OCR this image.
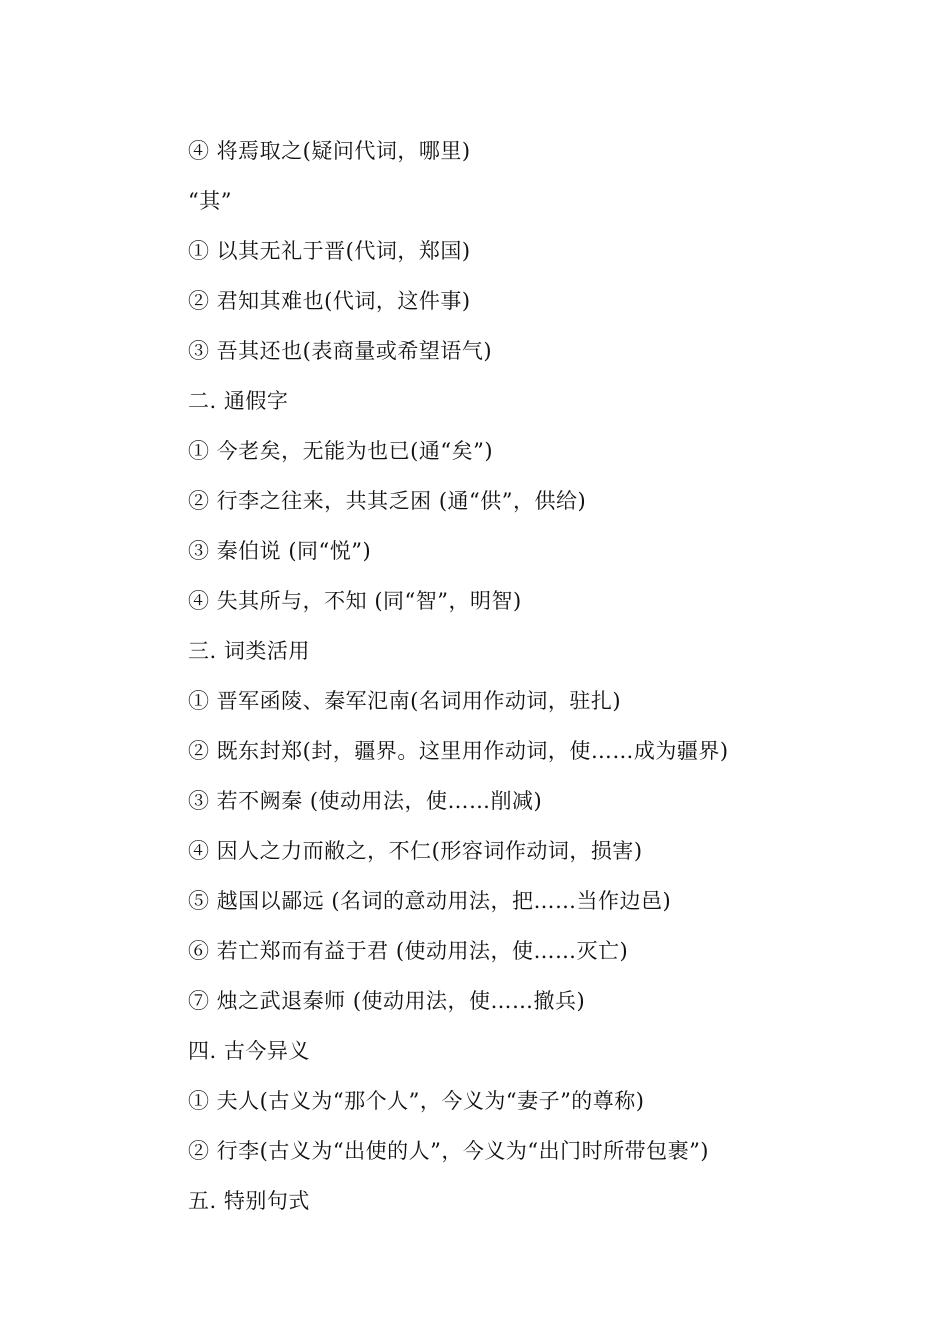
④ 将焉取之(疑问代词，哪里)
“其”
① 以其无礼于晋(代词，郑国)
② 君知其难也(代词，这件事)
③ 吾其还也(表商量或希望语气)
二. 通假字
① 今老矣，无能为也已(通“矣”)
② 行李之往来，共其乏困 (通“供”，供给)
③ 秦伯说 (同“悦”)
④ 失其所与，不知 (同“智”，明智)
三. 词类活用
① 晋军函陵、秦军氾南(名词用作动词，驻扎)
② 既东封郑(封，疆界。这里用作动词，使……成为疆界)
③ 若不阙秦 (使动用法，使……削减)
④ 因人之力而敝之，不仁(形容词作动词，损害)
⑤ 越国以鄙远 (名词的意动用法，把……当作边邑)
⑥ 若亡郑而有益于君 (使动用法，使……灭亡)
⑦ 烛之武退秦师 (使动用法，使……撤兵)
四. 古今异义
① 夫人(古义为“那个人”，今义为“妻子”的尊称)
② 行李(古义为“出使的人”，今义为“出门时所带包裹”)
五. 特别句式
